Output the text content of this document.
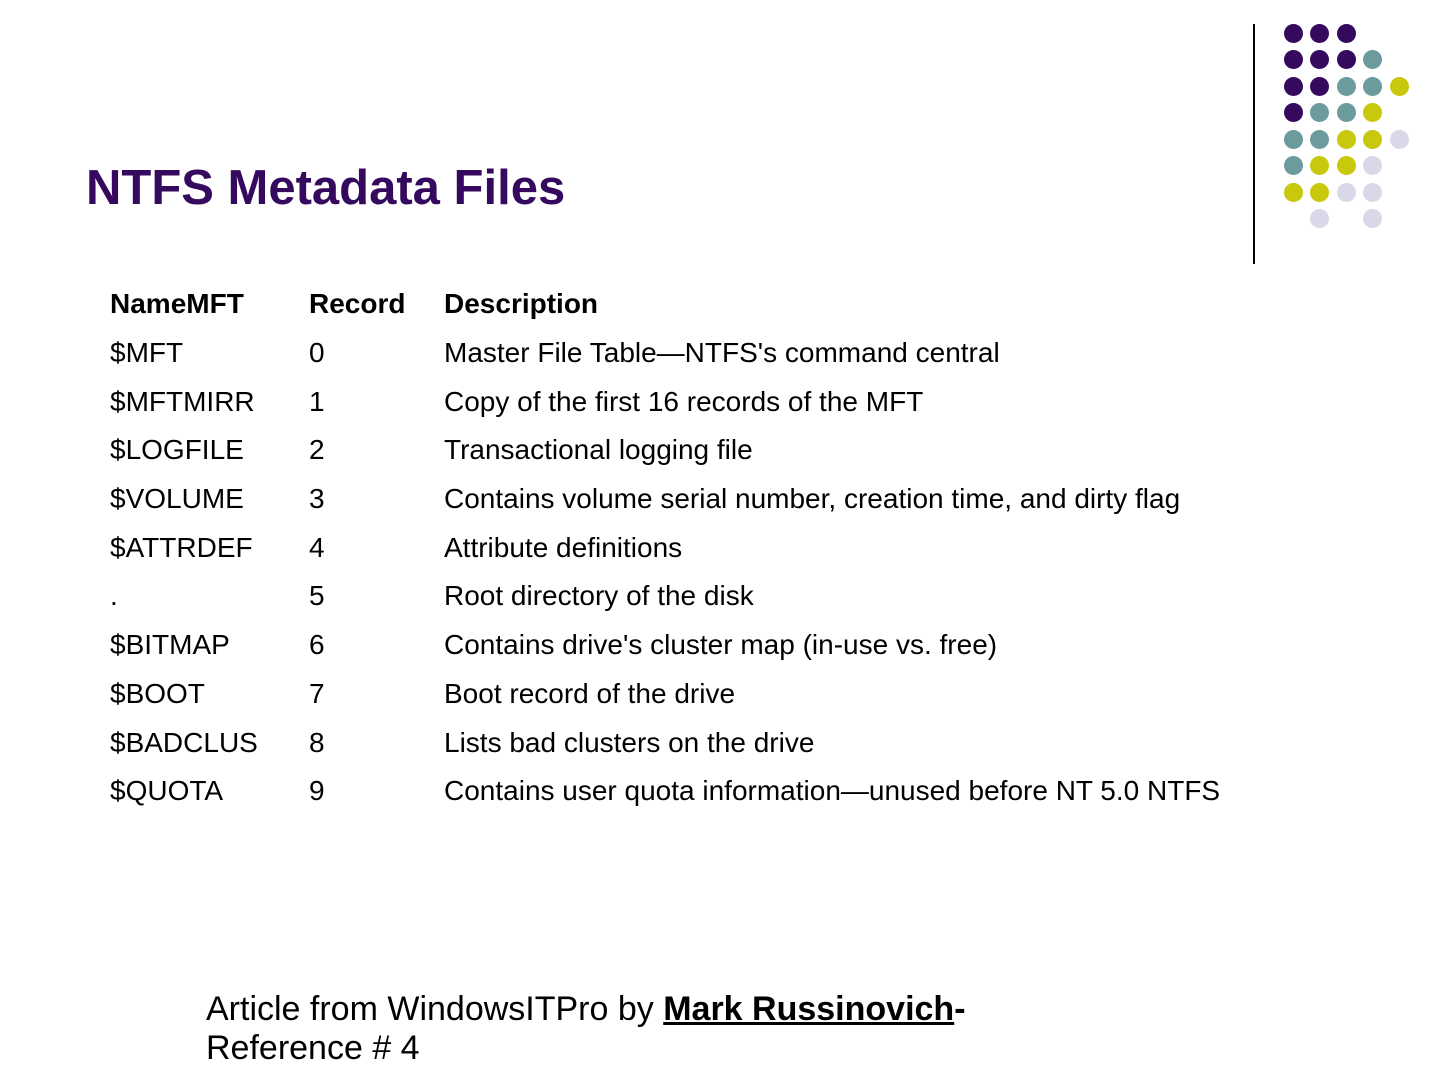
NTFS Metadata Files
NameMFT	Record	Description
$MFT	0	Master File Table—NTFS's command central
$MFTMIRR	1	Copy of the first 16 records of the MFT
$LOGFILE	2	Transactional logging file
$VOLUME	3	Contains volume serial number, creation time, and dirty flag
$ATTRDEF	4	Attribute definitions
.	5	Root directory of the disk
$BITMAP	6	Contains drive's cluster map (in-use vs. free)
$BOOT	7	Boot record of the drive
$BADCLUS	8	Lists bad clusters on the drive
$QUOTA	9	Contains user quota information—unused before NT 5.0 NTFS
Article from WindowsITPro by Mark Russinovich-
Reference # 4
